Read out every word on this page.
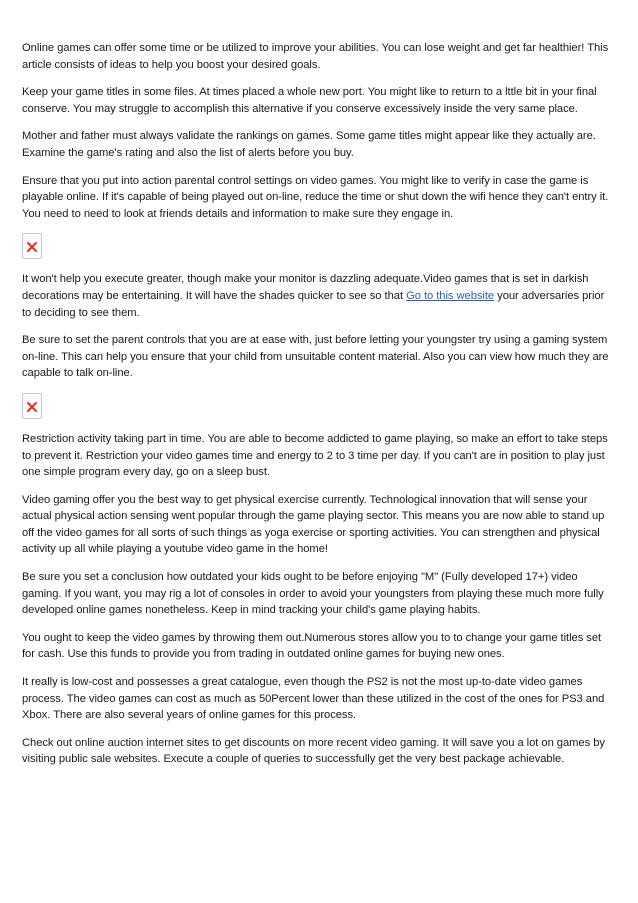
Online games can offer some time or be utilized to improve your abilities. You can lose weight and get far healthier! This article consists of ideas to help you boost your desired goals.

Keep your game titles in some files. At times placed a whole new port. You might like to return to a lttle bit in your final conserve. You may struggle to accomplish this alternative if you conserve excessively inside the very same place.

Mother and father must always validate the rankings on games. Some game titles might appear like they actually are. Examine the game's rating and also the list of alerts before you buy.

Ensure that you put into action parental control settings on video games. You might like to verify in case the game is playable online. If it's capable of being played out on-line, reduce the time or shut down the wifi hence they can't entry it. You need to need to look at friends details and information to make sure they engage in.

It won't help you execute greater, though make your monitor is dazzling adequate.Video games that is set in darkish decorations may be entertaining. It will have the shades quicker to see so that Go to this website your adversaries prior to deciding to see them.

Be sure to set the parent controls that you are at ease with, just before letting your youngster try using a gaming system on-line. This can help you ensure that your child from unsuitable content material. Also you can view how much they are capable to talk on-line.

Restriction activity taking part in time. You are able to become addicted to game playing, so make an effort to take steps to prevent it. Restriction your video games time and energy to 2 to 3 time per day. If you can't are in position to play just one simple program every day, go on a sleep bust.

Video gaming offer you the best way to get physical exercise currently. Technological innovation that will sense your actual physical action sensing went popular through the game playing sector. This means you are now able to stand up off the video games for all sorts of such things as yoga exercise or sporting activities. You can strengthen and physical activity up all while playing a youtube video game in the home!

Be sure you set a conclusion how outdated your kids ought to be before enjoying "M" (Fully developed 17+) video gaming. If you want, you may rig a lot of consoles in order to avoid your youngsters from playing these much more fully developed online games nonetheless. Keep in mind tracking your child's game playing habits.

You ought to keep the video games by throwing them out.Numerous stores allow you to to change your game titles set for cash. Use this funds to provide you from trading in outdated online games for buying new ones.

It really is low-cost and possesses a great catalogue, even though the PS2 is not the most up-to-date video games process. The video games can cost as much as 50Percent lower than these utilized in the cost of the ones for PS3 and Xbox. There are also several years of online games for this process.

Check out online auction internet sites to get discounts on more recent video gaming. It will save you a lot on games by visiting public sale websites. Execute a couple of queries to successfully get the very best package achievable.
